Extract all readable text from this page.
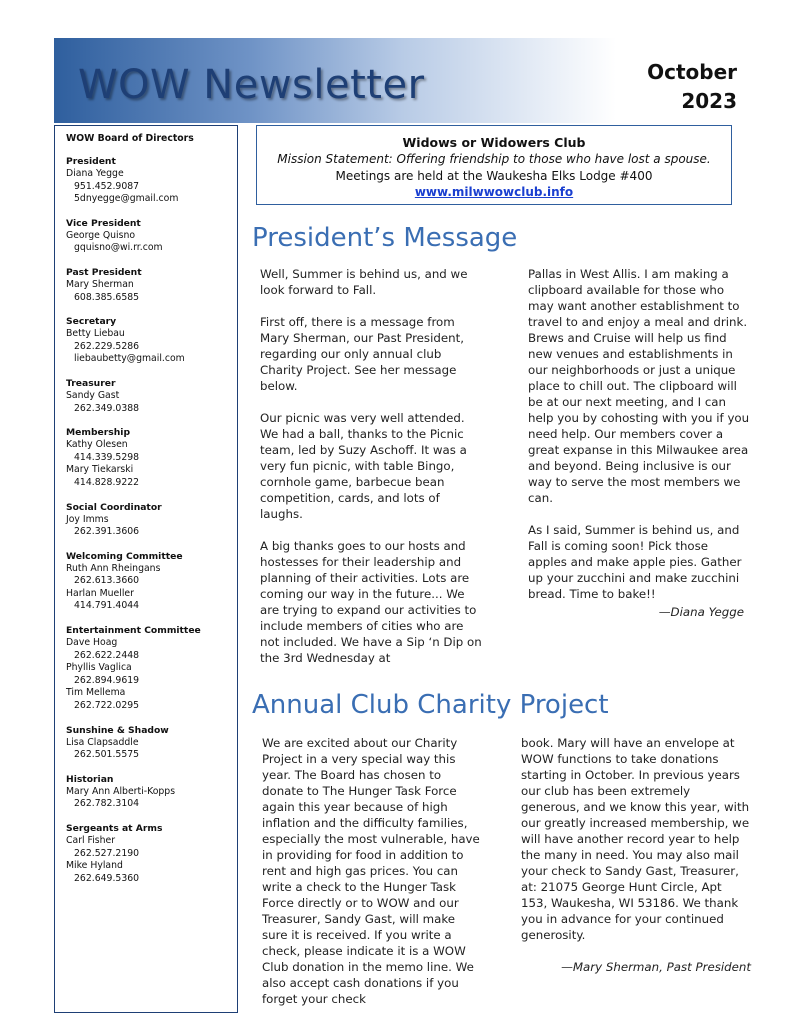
WOW Newsletter	October
2023
WOW Board of Directors
President
Diana Yegge
951.452.9087
5dnyegge@gmail.com
Vice President
George Quisno
gquisno@wi.rr.com
Past President
Mary Sherman
608.385.6585
Secretary
Betty Liebau
262.229.5286
liebaubetty@gmail.com
Treasurer
Sandy Gast
262.349.0388
Membership
Kathy Olesen
414.339.5298
Mary Tiekarski
414.828.9222
Social Coordinator
Joy Imms
262.391.3606
Welcoming Committee
Ruth Ann Rheingans
262.613.3660
Harlan Mueller
414.791.4044
Entertainment Committee
Dave Hoag
262.622.2448
Phyllis Vaglica
262.894.9619
Tim Mellema
262.722.0295
Sunshine & Shadow
Lisa Clapsaddle
262.501.5575
Historian
Mary Ann Alberti-Kopps
262.782.3104
Sergeants at Arms
Carl Fisher
262.527.2190
Mike Hyland
262.649.5360
Widows or Widowers Club
Mission Statement: Offering friendship to those who have lost a spouse.
Meetings are held at the Waukesha Elks Lodge #400
www.milwwowclub.info
President’s Message

Well, Summer is behind us, and we look forward to Fall.

First off, there is a message from Mary Sherman, our Past President, regarding our only annual club Charity Project. See her message below.

Our picnic was very well attended. We had a ball, thanks to the Picnic team, led by Suzy Aschoff. It was a very fun picnic, with table Bingo, cornhole game, barbecue bean competition, cards, and lots of laughs.

A big thanks goes to our hosts and hostesses for their leadership and planning of their activities. Lots are coming our way in the future... We are trying to expand our activities to include members of cities who are not included. We have a Sip ‘n Dip on the 3rd Wednesday at

Pallas in West Allis. I am making a clipboard available for those who may want another establishment to travel to and enjoy a meal and drink. Brews and Cruise will help us find new venues and establishments in our neighborhoods or just a unique place to chill out. The clipboard will be at our next meeting, and I can help you by cohosting with you if you need help. Our members cover a great expanse in this Milwaukee area and beyond. Being inclusive is our way to serve the most members we can.

As I said, Summer is behind us, and Fall is coming soon! Pick those apples and make apple pies. Gather up your zucchini and make zucchini bread. Time to bake!!

—Diana Yegge

Annual Club Charity Project

We are excited about our Charity Project in a very special way this year. The Board has chosen to donate to The Hunger Task Force again this year because of high inflation and the difficulty families, especially the most vulnerable, have in providing for food in addition to rent and high gas prices. You can write a check to the Hunger Task Force directly or to WOW and our Treasurer, Sandy Gast, will make sure it is received. If you write a check, please indicate it is a WOW Club donation in the memo line. We also accept cash donations if you forget your check

book. Mary will have an envelope at WOW functions to take donations starting in October. In previous years our club has been extremely generous, and we know this year, with our greatly increased membership, we will have another record year to help the many in need. You may also mail your check to Sandy Gast, Treasurer, at: 21075 George Hunt Circle, Apt 153, Waukesha, WI 53186. We thank you in advance for your continued generosity.

—Mary Sherman, Past President
